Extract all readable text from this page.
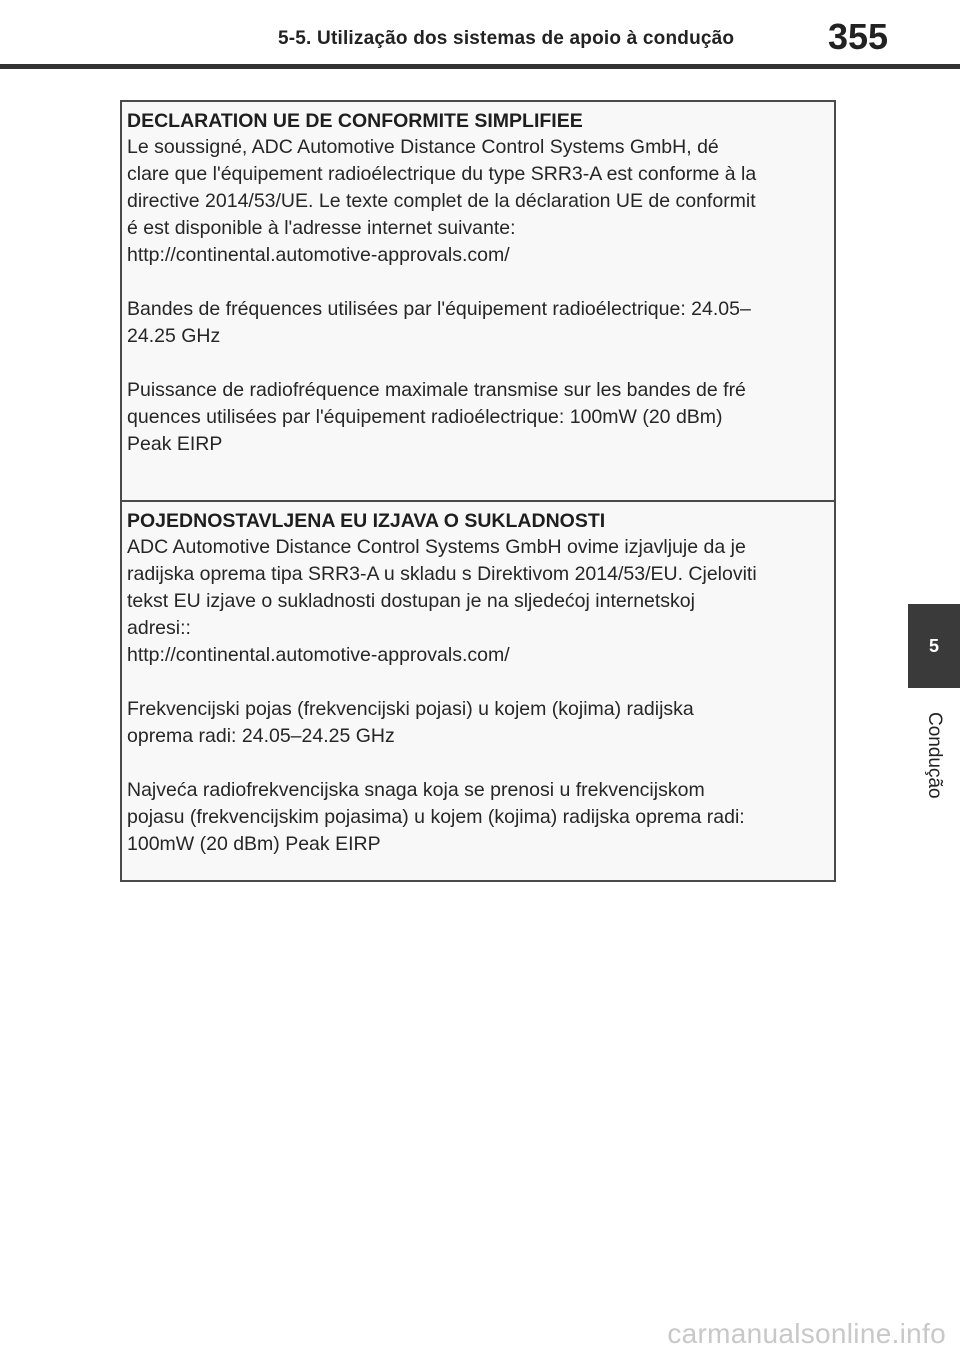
5-5. Utilização dos sistemas de apoio à condução	355
5
Condução
DECLARATION UE DE CONFORMITE SIMPLIFIEE

Le soussigné, ADC Automotive Distance Control Systems GmbH, dé

clare que l'équipement radioélectrique du type SRR3-A est conforme à la

directive 2014/53/UE. Le texte complet de la déclaration UE de conformit

é est disponible à l'adresse internet suivante:

http://continental.automotive-approvals.com/

Bandes de fréquences utilisées par l'équipement radioélectrique: 24.05–

24.25 GHz

Puissance de radiofréquence maximale transmise sur les bandes de fré

quences utilisées par l'équipement radioélectrique: 100mW (20 dBm)

Peak EIRP

POJEDNOSTAVLJENA EU IZJAVA O SUKLADNOSTI

ADC Automotive Distance Control Systems GmbH ovime izjavljuje da je

radijska oprema tipa SRR3-A u skladu s Direktivom 2014/53/EU. Cjeloviti

tekst EU izjave o sukladnosti dostupan je na sljedećoj internetskoj

adresi::

http://continental.automotive-approvals.com/

Frekvencijski pojas (frekvencijski pojasi) u kojem (kojima) radijska

oprema radi: 24.05–24.25 GHz

Najveća radiofrekvencijska snaga koja se prenosi u frekvencijskom

pojasu (frekvencijskim pojasima) u kojem (kojima) radijska oprema radi:

100mW (20 dBm) Peak EIRP

carmanualsonline.info
